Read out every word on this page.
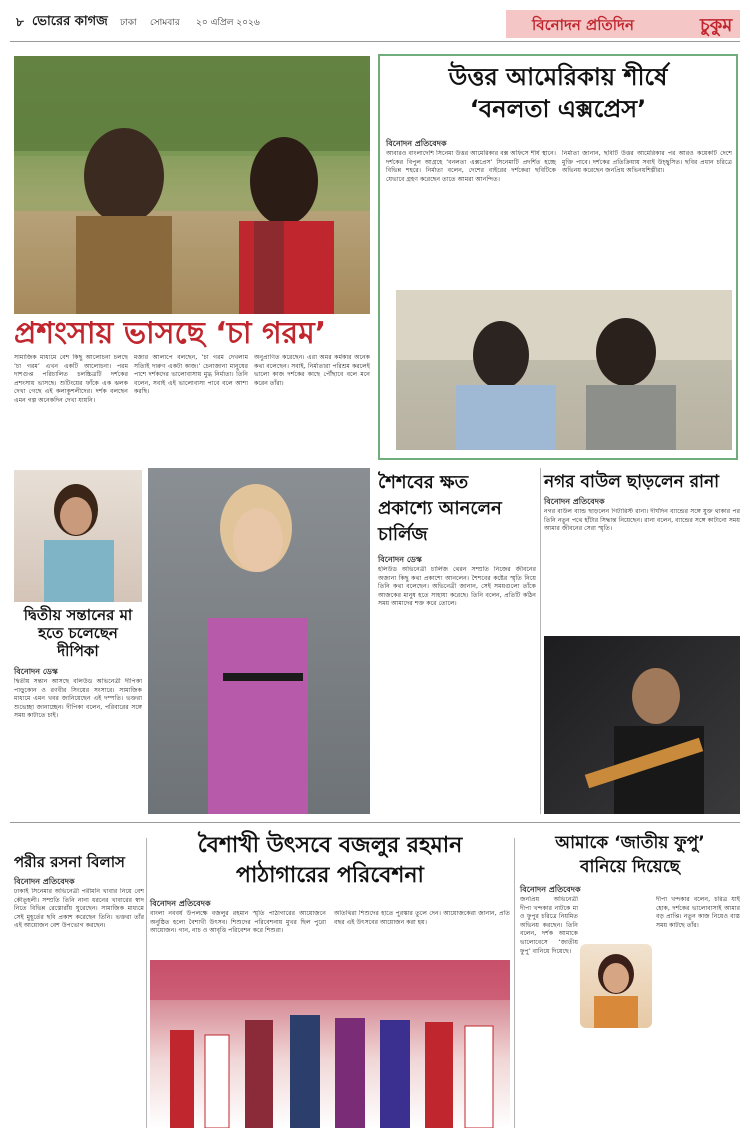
৮ ভোরের কাগজ ঢাকা সোমবার ২০ এপ্রিল ২০২৬	বিনোদন প্রতিদিন	চুকুম
প্রশংসায় ভাসছে ‘চা গরম’
সামাজিক মাধ্যমে বেশ কিছু আলোচনা চলছে ‘চা গরম’ এখন একটি আলোচনা। পরম দাশগুপ্ত পরিচালিত চলচ্চিত্রটি দর্শকের প্রশংসায় ভাসছে। শুটিংয়ের ফাঁকে এক ঝলক দেখা গেছে এই কলাকুশলীদের। দর্শক বলছেন এমন গল্প অনেকদিন দেখা যায়নি।
মজার আলাপে বলছেন, ‘চা গরম দেখলাম সত্যিই দারুণ একটা কাজ।’ চেনাজানা মানুষের পাশে দর্শকদের ভালোবাসায় মুগ্ধ নির্মাতা। তিনি বলেন, সবাই এই ভালোবাসা পাবে বলে আশা করছি।
অনুপ্রাণিত করেছেন। এরা অমর কর্মকার অনেক কথা বলেছেন। সবাই, নির্মাতারা পরিশ্রম করলেই ভালো কাজ দর্শকের কাছে পৌঁছাবে বলে মনে করেন তাঁরা।
উত্তর আমেরিকায় শীর্ষে
‘বনলতা এক্সপ্রেস’
বিনোদন প্রতিবেদক
আবারও বাংলাদেশি সিনেমা উত্তর আমেরিকার বক্স অফিসে শীর্ষ স্থানে। দর্শকের বিপুল আগ্রহে ‘বনলতা এক্সপ্রেস’ সিনেমাটি প্রদর্শিত হচ্ছে বিভিন্ন শহরে। নির্মাতা বলেন, দেশের বাইরের দর্শকেরা ছবিটিকে যেভাবে গ্রহণ করেছেন তাতে আমরা আনন্দিত।
নির্মাতা জানান, ছবিটি উত্তর আমেরিকার পর আরও কয়েকটি দেশে মুক্তি পাবে। দর্শকের প্রতিক্রিয়ায় সবাই উচ্ছ্বসিত। ছবির প্রধান চরিত্রে অভিনয় করেছেন জনপ্রিয় অভিনয়শিল্পীরা।
দ্বিতীয় সন্তানের মা
হতে চলেছেন
দীপিকা
বিনোদন ডেস্ক
দ্বিতীয় সন্তান আসছে বলিউড অভিনেত্রী দীপিকা পাড়ুকোন ও রণবীর সিংয়ের সংসারে। সামাজিক মাধ্যমে এমন খবর জানিয়েছেন এই দম্পতি। ভক্তরা শুভেচ্ছা জানাচ্ছেন। দীপিকা বলেন, পরিবারের সঙ্গে সময় কাটাতে চাই।
শৈশবের ক্ষত
প্রকাশ্যে আনলেন
চার্লিজ
বিনোদন ডেস্ক
হলিউড অভিনেত্রী চার্লিজ থেরন সম্প্রতি নিজের জীবনের অজানা কিছু কথা প্রকাশ্যে আনলেন। শৈশবের কষ্টের স্মৃতি নিয়ে তিনি কথা বলেছেন। অভিনেত্রী জানান, সেই সময়গুলো তাঁকে আজকের মানুষ হতে সাহায্য করেছে। তিনি বলেন, প্রতিটি কঠিন সময় আমাদের শক্ত করে তোলে।
নগর বাউল ছাড়লেন রানা
বিনোদন প্রতিবেদক
নগর বাউল ব্যান্ড ছাড়লেন গিটারিস্ট রানা। দীর্ঘদিন ব্যান্ডের সঙ্গে যুক্ত থাকার পর তিনি নতুন পথে হাঁটার সিদ্ধান্ত নিয়েছেন। রানা বলেন, ব্যান্ডের সঙ্গে কাটানো সময় আমার জীবনের সেরা স্মৃতি।
পরীর রসনা বিলাস
বিনোদন প্রতিবেদক
ঢাকাই সিনেমার অভিনেত্রী পরীমনি খাবার নিয়ে বেশ কৌতূহলী। সম্প্রতি তিনি নানা ধরনের খাবারের স্বাদ নিতে বিভিন্ন রেস্তোরাঁয় ঘুরেছেন। সামাজিক মাধ্যমে সেই মুহূর্তের ছবি প্রকাশ করেছেন তিনি। ভক্তরা তাঁর এই আয়োজন বেশ উপভোগ করছেন।
বৈশাখী উৎসবে বজলুর রহমান
পাঠাগারের পরিবেশনা
বিনোদন প্রতিবেদক
বাংলা নববর্ষ উপলক্ষে বজলুর রহমান স্মৃতি পাঠাগারের আয়োজনে অনুষ্ঠিত হলো বৈশাখী উৎসব। শিশুদের পরিবেশনায় মুখর ছিল পুরো আয়োজন। গান, নাচ ও আবৃত্তি পরিবেশন করে শিশুরা।
অতিথিরা শিশুদের হাতে পুরস্কার তুলে দেন। আয়োজকেরা জানান, প্রতি বছর এই উৎসবের আয়োজন করা হয়।
আমাকে ‘জাতীয় ফুপু’
বানিয়ে দিয়েছে
বিনোদন প্রতিবেদক
জনপ্রিয় অভিনেত্রী দীপা খন্দকার নাটকে মা ও ফুপুর চরিত্রে নিয়মিত অভিনয় করছেন। তিনি বলেন, দর্শক আমাকে ভালোবেসে ‘জাতীয় ফুপু’ বানিয়ে দিয়েছে।
দীপা খন্দকার বলেন, চরিত্র যাই হোক, দর্শকের ভালোবাসাই আমার বড় প্রাপ্তি। নতুন কাজ নিয়েও ব্যস্ত সময় কাটছে তাঁর।
